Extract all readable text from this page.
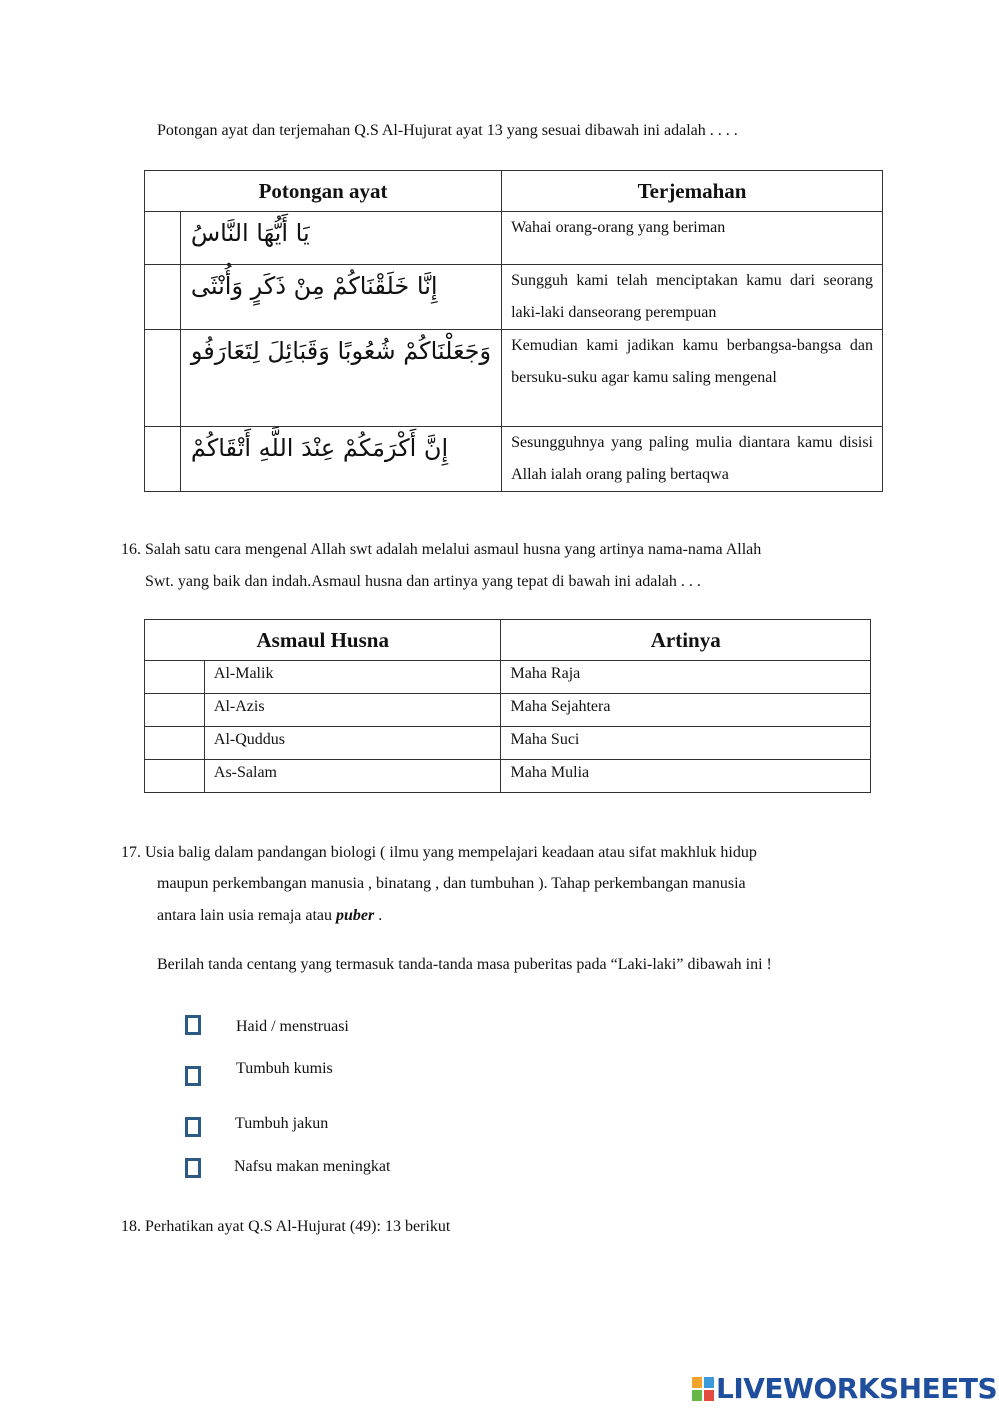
Potongan ayat dan terjemahan Q.S Al-Hujurat ayat 13 yang sesuai dibawah ini adalah . . . .
Potongan ayat		Terjemahan
	يَا أَيُّهَا النَّاسُ	Wahai orang-orang yang beriman
	إِنَّا خَلَقْنَاكُمْ مِنْ ذَكَرٍ وَأُنْثَى	Sungguh kami telah menciptakan kamu dari seorang laki-laki danseorang perempuan
	وَجَعَلْنَاكُمْ شُعُوبًا وَقَبَائِلَ لِتَعَارَفُو	Kemudian kami jadikan kamu berbangsa-bangsa dan bersuku-suku agar kamu saling mengenal
	إِنَّ أَكْرَمَكُمْ عِنْدَ اللَّهِ أَتْقَاكُمْ	Sesungguhnya yang paling mulia diantara kamu disisi Allah ialah orang paling bertaqwa
16. Salah satu cara mengenal Allah swt adalah melalui asmaul husna yang artinya nama-nama Allah
Swt. yang baik dan indah.Asmaul husna dan artinya yang tepat di bawah ini adalah . . .
Asmaul Husna		Artinya
	Al-Malik	Maha Raja
	Al-Azis	Maha Sejahtera
	Al-Quddus	Maha Suci
	As-Salam	Maha Mulia
17. Usia balig dalam pandangan biologi ( ilmu yang mempelajari keadaan atau sifat makhluk hidup
maupun perkembangan manusia , binatang , dan tumbuhan ). Tahap perkembangan manusia
antara lain usia remaja atau puber .
Berilah tanda centang yang termasuk tanda-tanda masa puberitas pada “Laki-laki” dibawah ini !
Haid / menstruasi
Tumbuh kumis
Tumbuh jakun
Nafsu makan meningkat
18. Perhatikan ayat Q.S Al-Hujurat (49): 13 berikut
LIVEWORKSHEETS
